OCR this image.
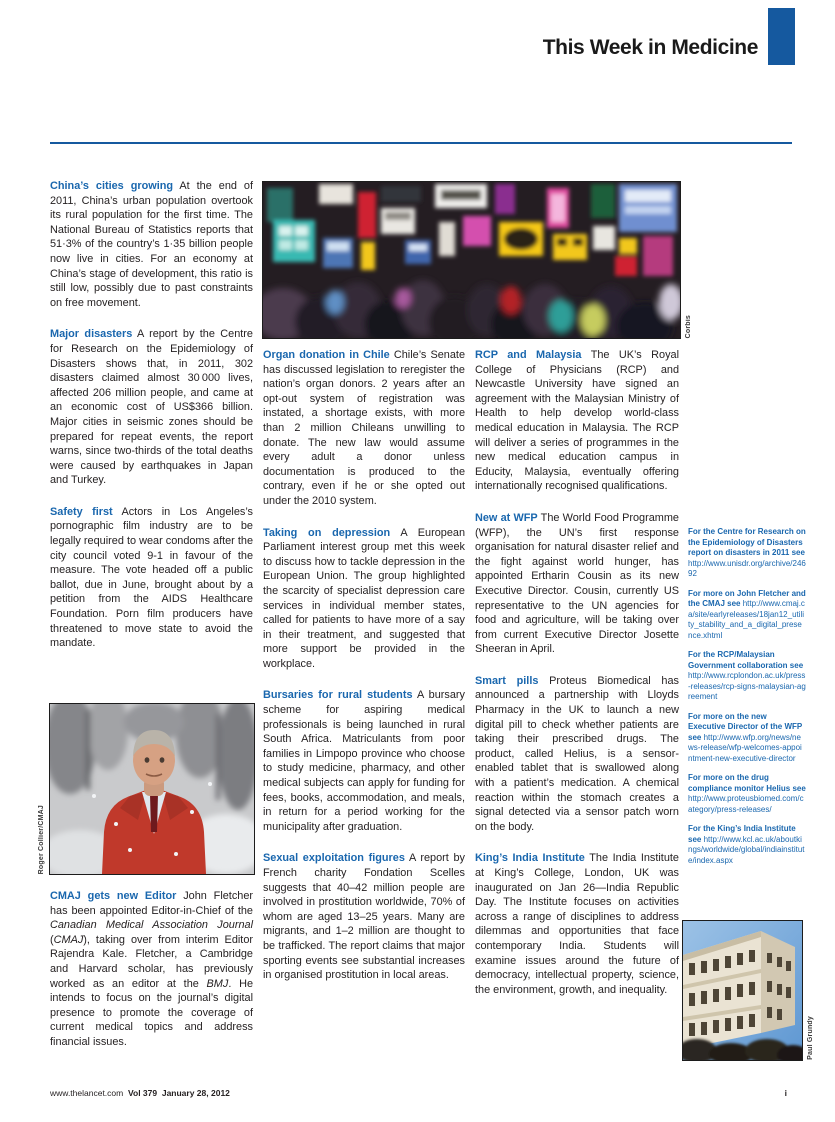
This Week in Medicine

China’s cities growing At the end of 2011, China’s urban population overtook its rural population for the first time. The National Bureau of Statistics reports that 51·3% of the country’s 1·35 billion people now live in cities. For an economy at China’s stage of development, this ratio is still low, possibly due to past constraints on free movement.

Major disasters A report by the Centre for Research on the Epidemiology of Disasters shows that, in 2011, 302 disasters claimed almost 30 000 lives, affected 206 million people, and came at an economic cost of US$366 billion. Major cities in seismic zones should be prepared for repeat events, the report warns, since two-thirds of the total deaths were caused by earthquakes in Japan and Turkey.

Safety first Actors in Los Angeles’s pornographic film industry are to be legally required to wear condoms after the city council voted 9-1 in favour of the measure. The vote headed off a public ballot, due in June, brought about by a petition from the AIDS Healthcare Foundation. Porn film producers have threatened to move state to avoid the mandate.

Corbis

Organ donation in Chile Chile’s Senate has discussed legislation to reregister the nation’s organ donors. 2 years after an opt-out system of registration was instated, a shortage exists, with more than 2 million Chileans unwilling to donate. The new law would assume every adult a donor unless documentation is produced to the contrary, even if he or she opted out under the 2010 system.

Taking on depression A European Parliament interest group met this week to discuss how to tackle depression in the European Union. The group highlighted the scarcity of specialist depression care services in individual member states, called for patients to have more of a say in their treatment, and suggested that more support be provided in the workplace.

Bursaries for rural students A bursary scheme for aspiring medical professionals is being launched in rural South Africa. Matriculants from poor families in Limpopo province who choose to study medicine, pharmacy, and other medical subjects can apply for funding for fees, books, accommodation, and meals, in return for a period working for the municipality after graduation.

Sexual exploitation figures A report by French charity Fondation Scelles suggests that 40–42 million people are involved in prostitution worldwide, 70% of whom are aged 13–25 years. Many are migrants, and 1–2 million are thought to be trafficked. The report claims that major sporting events see substantial increases in organised prostitution in local areas.

RCP and Malaysia The UK’s Royal College of Physicians (RCP) and Newcastle University have signed an agreement with the Malaysian Ministry of Health to help develop world-class medical education in Malaysia. The RCP will deliver a series of programmes in the new medical education campus in Educity, Malaysia, eventually offering internationally recognised qualifications.

New at WFP The World Food Programme (WFP), the UN’s first response organisation for natural disaster relief and the fight against world hunger, has appointed Ertharin Cousin as its new Executive Director. Cousin, currently US representative to the UN agencies for food and agriculture, will be taking over from current Executive Director Josette Sheeran in April.

Smart pills Proteus Biomedical has announced a partnership with Lloyds Pharmacy in the UK to launch a new digital pill to check whether patients are taking their prescribed drugs. The product, called Helius, is a sensor-enabled tablet that is swallowed along with a patient’s medication. A chemical reaction within the stomach creates a signal detected via a sensor patch worn on the body.

King’s India Institute The India Institute at King’s College, London, UK was inaugurated on Jan 26—India Republic Day. The Institute focuses on activities across a range of disciplines to address dilemmas and opportunities that face contemporary India. Students will examine issues around the future of democracy, intellectual property, science, the environment, growth, and inequality.

Roger Collier/CMAJ

CMAJ gets new Editor John Fletcher has been appointed Editor-in-Chief of the Canadian Medical Association Journal (CMAJ), taking over from interim Editor Rajendra Kale. Fletcher, a Cambridge and Harvard scholar, has previously worked as an editor at the BMJ. He intends to focus on the journal’s digital presence to promote the coverage of current medical topics and address financial issues.

For the Centre for Research on the Epidemiology of Disasters report on disasters in 2011 see http://www.unisdr.org/archive/24692

For more on John Fletcher and the CMAJ see http://www.cmaj.ca/site/earlyreleases/18jan12_utility_stability_and_a_digital_presence.xhtml

For the RCP/Malaysian Government collaboration see http://www.rcplondon.ac.uk/press-releases/rcp-signs-malaysian-agreement

For more on the new Executive Director of the WFP see http://www.wfp.org/news/news-release/wfp-welcomes-appointment-new-executive-director

For more on the drug compliance monitor Helius see http://www.proteusbiomed.com/category/press-releases/

For the King’s India Institute see http://www.kcl.ac.uk/aboutkings/worldwide/global/indiainstitute/index.aspx

Paul Grundy
www.thelancet.com Vol 379 January 28, 2012	i
